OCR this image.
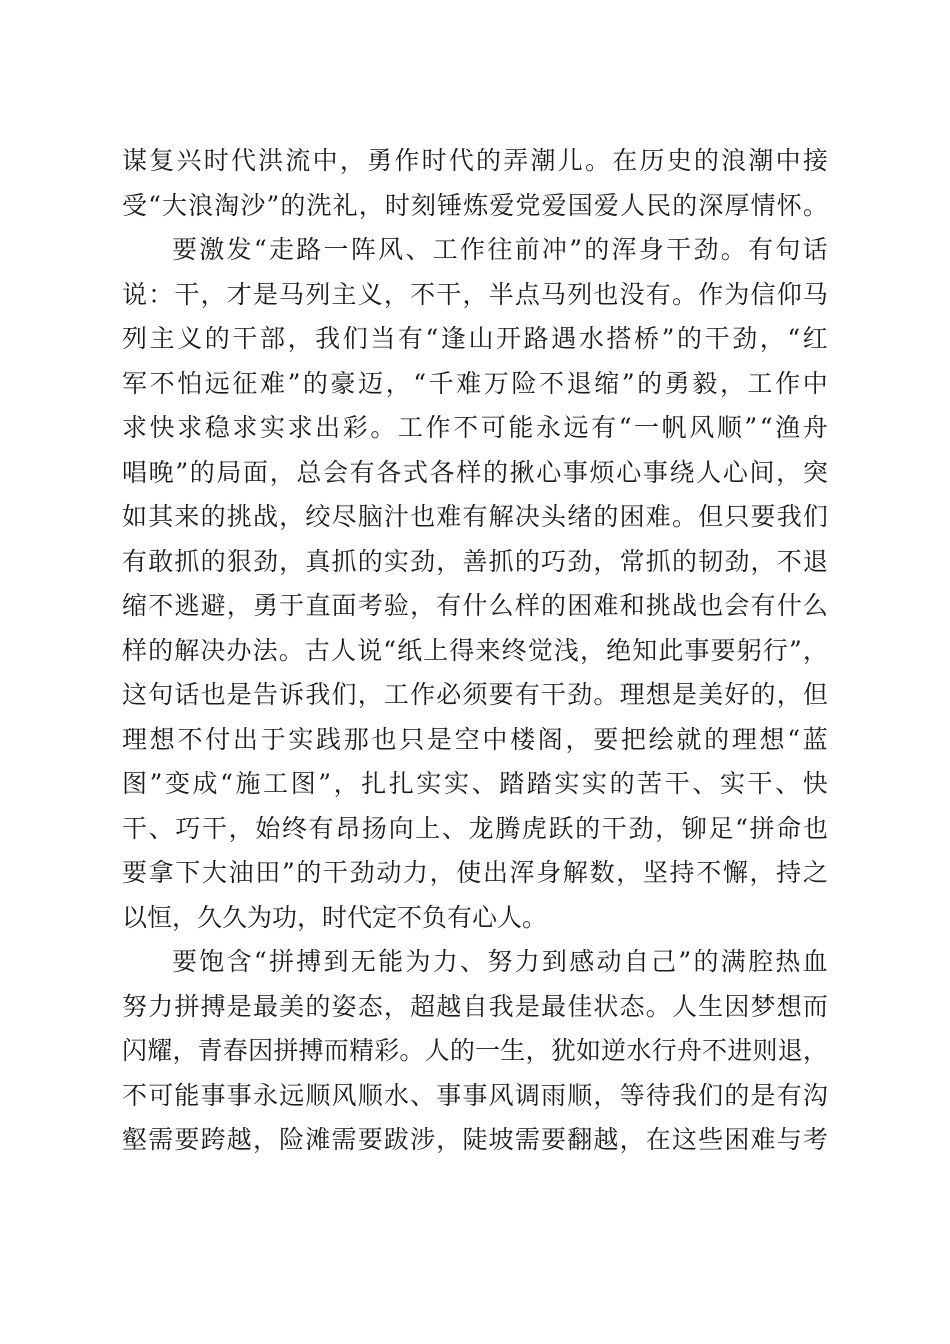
谋 复 兴 时 代 洪 流 中 ， 勇 作 时 代 的 弄 潮 儿 。 在 历 史 的 浪 潮 中 接
受 “ 大 浪 淘 沙 ” 的 洗 礼 ， 时 刻 锤 炼 爱 党 爱 国 爱 人 民 的 深 厚 情 怀 。
要 激 发 “ 走 路 一 阵 风 、 工 作 往 前 冲 ” 的 浑 身 干 劲 。 有 句 话
说 ： 干 ， 才 是 马 列 主 义 ， 不 干 ， 半 点 马 列 也 没 有 。 作 为 信 仰 马
列 主 义 的 干 部 ， 我 们 当 有 “ 逢 山 开 路 遇 水 搭 桥 ” 的 干 劲 ， “ 红
军 不 怕 远 征 难 ” 的 豪 迈 ， “ 千 难 万 险 不 退 缩 ” 的 勇 毅 ， 工 作 中
求 快 求 稳 求 实 求 出 彩 。 工 作 不 可 能 永 远 有 “ 一 帆 风 顺 ” “ 渔 舟
唱 晚 ” 的 局 面 ， 总 会 有 各 式 各 样 的 揪 心 事 烦 心 事 绕 人 心 间 ， 突
如 其 来 的 挑 战 ， 绞 尽 脑 汁 也 难 有 解 决 头 绪 的 困 难 。 但 只 要 我 们
有 敢 抓 的 狠 劲 ， 真 抓 的 实 劲 ， 善 抓 的 巧 劲 ， 常 抓 的 韧 劲 ， 不 退
缩 不 逃 避 ， 勇 于 直 面 考 验 ， 有 什 么 样 的 困 难 和 挑 战 也 会 有 什 么
样 的 解 决 办 法 。 古 人 说 “ 纸 上 得 来 终 觉 浅 ， 绝 知 此 事 要 躬 行 ” ，
这 句 话 也 是 告 诉 我 们 ， 工 作 必 须 要 有 干 劲 。 理 想 是 美 好 的 ， 但
理 想 不 付 出 于 实 践 那 也 只 是 空 中 楼 阁 ， 要 把 绘 就 的 理 想 “ 蓝
图 ” 变 成 “ 施 工 图 ” ， 扎 扎 实 实 、 踏 踏 实 实 的 苦 干 、 实 干 、 快
干 、 巧 干 ， 始 终 有 昂 扬 向 上 、 龙 腾 虎 跃 的 干 劲 ， 铆 足 “ 拼 命 也
要 拿 下 大 油 田 ” 的 干 劲 动 力 ， 使 出 浑 身 解 数 ， 坚 持 不 懈 ， 持 之
以恒，久久为功，时代定不负有心人。
要 饱 含 “ 拼 搏 到 无 能 为 力 、 努 力 到 感 动 自 己 ” 的 满 腔 热 血
努 力 拼 搏 是 最 美 的 姿 态 ， 超 越 自 我 是 最 佳 状 态 。 人 生 因 梦 想 而
闪 耀 ， 青 春 因 拼 搏 而 精 彩 。 人 的 一 生 ， 犹 如 逆 水 行 舟 不 进 则 退 ，
不 可 能 事 事 永 远 顺 风 顺 水 、 事 事 风 调 雨 顺 ， 等 待 我 们 的 是 有 沟
壑 需 要 跨 越 ， 险 滩 需 要 跋 涉 ， 陡 坡 需 要 翻 越 ， 在 这 些 困 难 与 考
